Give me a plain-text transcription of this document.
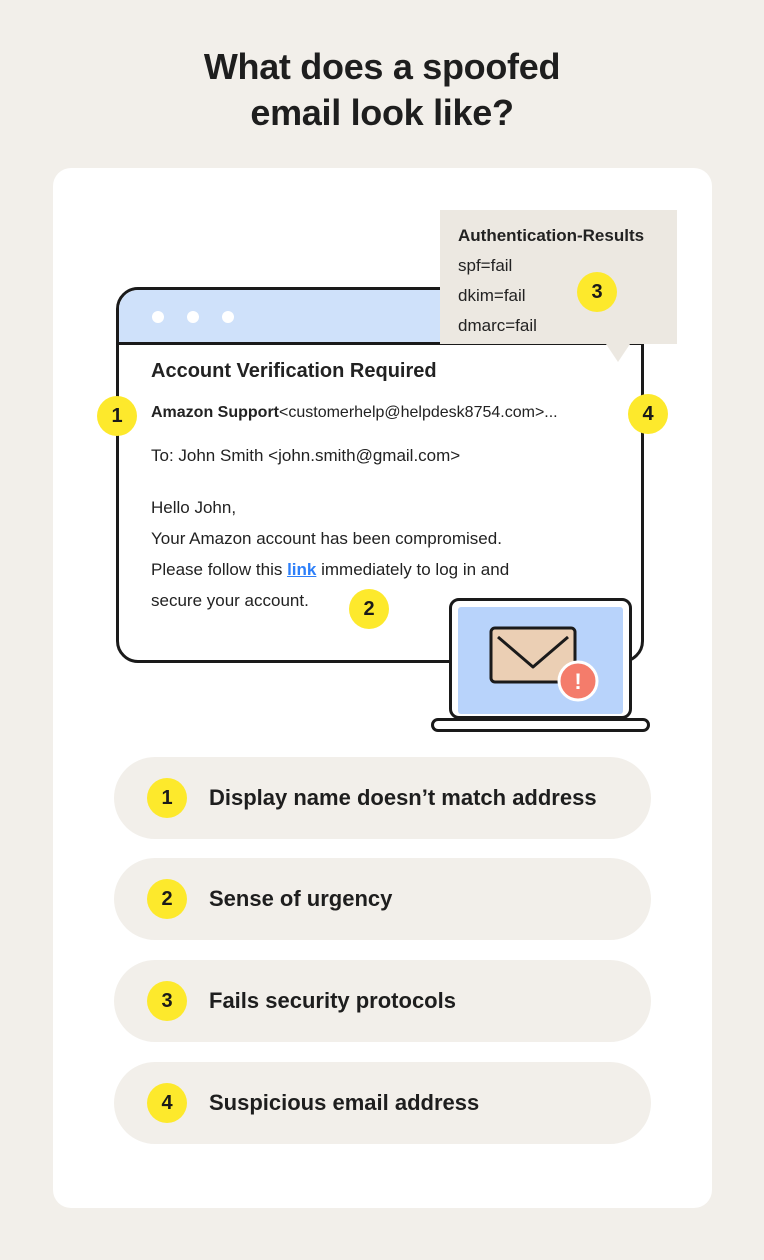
What does a spoofed
email look like?
Account Verification Required
Amazon Support<customerhelp@helpdesk8754.com>...
To: John Smith <john.smith@gmail.com>
Hello John,
Your Amazon account has been compromised.
Please follow this link immediately to log in and
secure your account.
Authentication-Results
spf=fail
dkim=fail
dmarc=fail
1
2
3
4
!
1	Display name doesn’t match address
2	Sense of urgency
3	Fails security protocols
4	Suspicious email address
